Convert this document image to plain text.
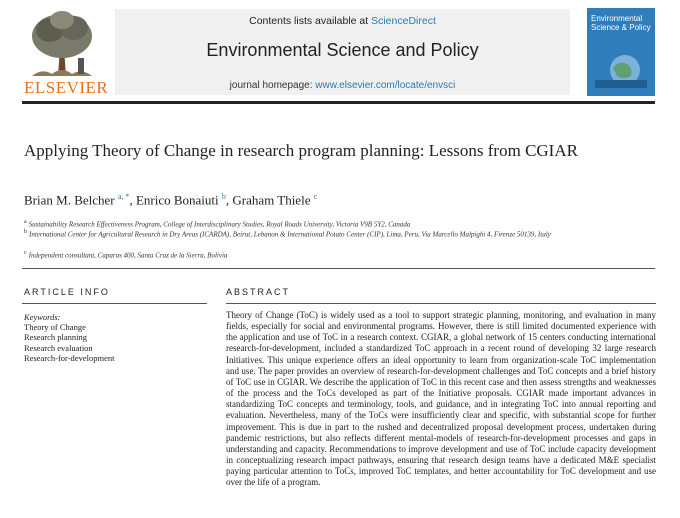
ELSEVIER
Contents lists available at ScienceDirect
Environmental Science and Policy
journal homepage: www.elsevier.com/locate/envsci
Environmental Science & Policy
Applying Theory of Change in research program planning: Lessons from CGIAR
Brian M. Belcher $^{a, *}$, Enrico Bonaiuti $^b$, Graham Thiele $^c$
$^a$ Sustainability Research Effectiveness Program, College of Interdisciplinary Studies, Royal Roads University, Victoria V9B 5Y2, Canada
$^b$ International Center for Agricultural Research in Dry Areas (ICARDA), Beirut, Lebanon & International Potato Center (CIP), Lima, Peru, Via Marcello Malpighi 4, Firenze 50139, Italy
$^c$ Independent consultant, Caparus 400, Santa Cruz de la Sierra, Bolivia
ARTICLE INFO	ABSTRACT
Keywords:
Theory of Change
Research planning
Research evaluation
Research-for-development
Theory of Change (ToC) is widely used as a tool to support strategic planning, monitoring, and evaluation in many fields, especially for social and environmental programs. However, there is still limited documented experience with the application and use of ToC in a research context. CGIAR, a global network of 15 centers conducting international research-for-development, included a standardized ToC approach in a recent round of developing 32 large research Initiatives. This unique experience offers an ideal opportunity to learn from organization-scale ToC implementation and use. The paper provides an overview of research-for-development challenges and ToC concepts and a brief history of ToC use in CGIAR. We describe the application of ToC in this recent case and then assess strengths and weaknesses of the process and the ToCs developed as part of the Initiative proposals. CGIAR made important advances in standardizing ToC concepts and terminology, tools, and guidance, and in integrating ToC into annual reporting and evaluation. Nevertheless, many of the ToCs were insufficiently clear and specific, with substantial scope for further improvement. This is due in part to the rushed and decentralized proposal development process, undertaken during pandemic restrictions, but also reflects different mental-models of research-for-development processes and gaps in understanding and capacity. Recommendations to improve development and use of ToC include capacity development in conceptualizing research impact pathways, ensuring that research design teams have a dedicated M&E specialist paying particular attention to ToCs, improved ToC templates, and better accountability for ToC development and use over the life of a program.
